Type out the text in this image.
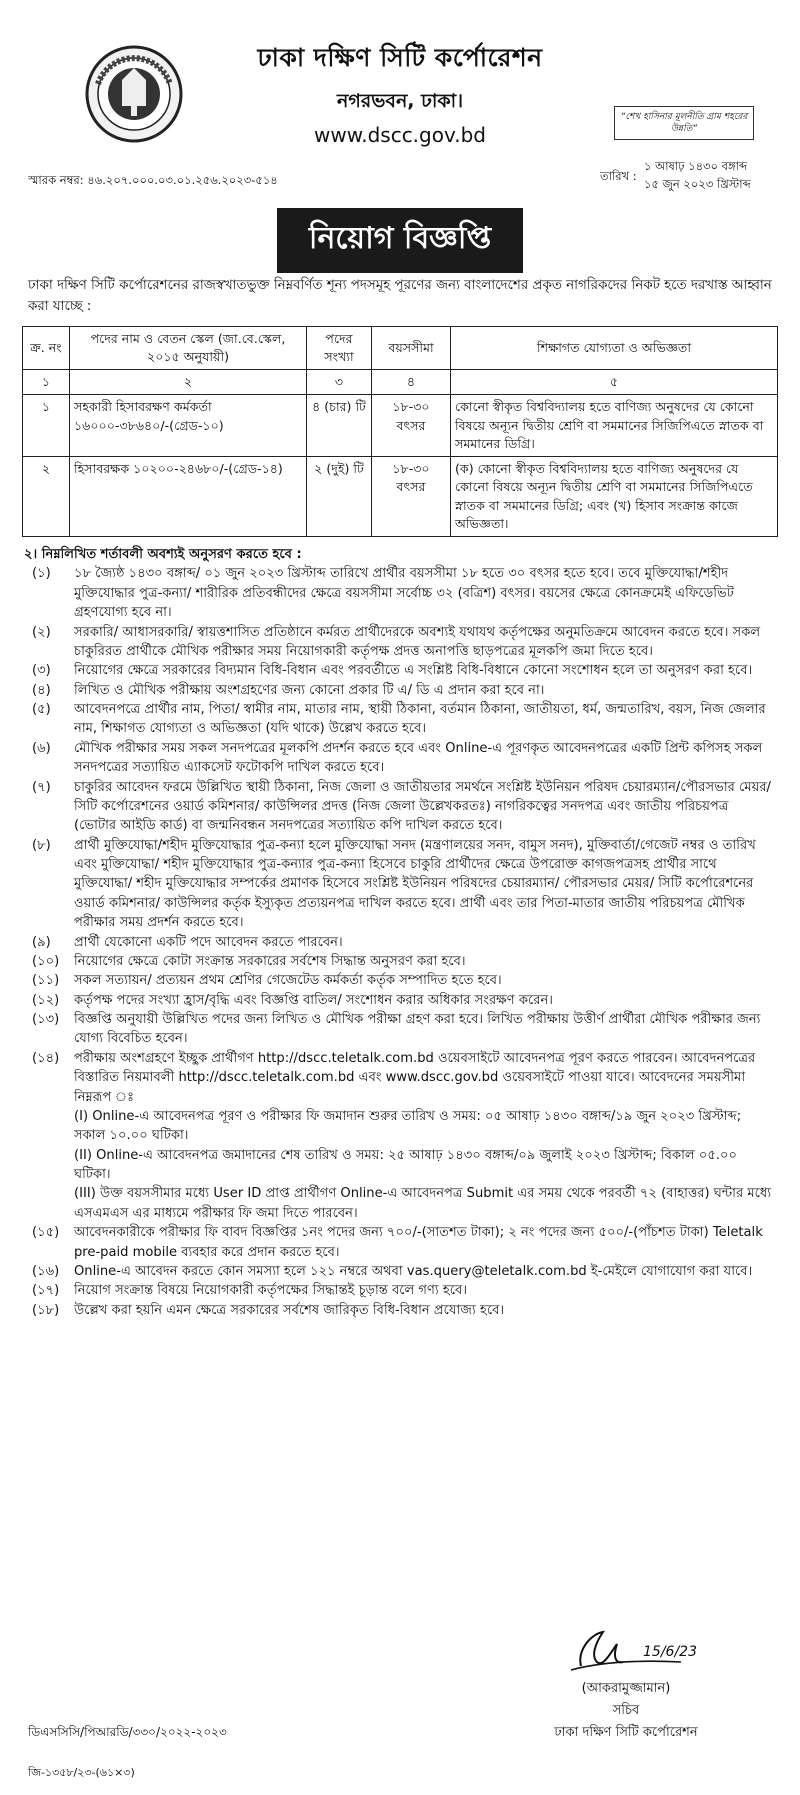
ঢাকা দক্ষিণ সিটি কর্পোরেশন
নগরভবন, ঢাকা।
www.dscc.gov.bd
“শেখ হাসিনার মূলনীতি গ্রাম শহরের উন্নতি”
স্মারক নম্বর: ৪৬.২০৭.০০০.০৩.০১.২৫৬.২০২৩-৫১৪	তারিখ :
১ আষাঢ় ১৪৩০ বঙ্গাব্দ
১৫ জুন ২০২৩ খ্রিস্টাব্দ
নিয়োগ বিজ্ঞপ্তি
ঢাকা দক্ষিণ সিটি কর্পোরেশনের রাজস্বখাতভুক্ত নিম্নবর্ণিত শূন্য পদসমূহ পূরণের জন্য বাংলাদেশের প্রকৃত নাগরিকদের নিকট হতে দরখাস্ত আহ্বান করা যাচ্ছে :
ক্র. নং	পদের নাম ও বেতন স্কেল (জা.বে.স্কেল, ২০১৫ অনুযায়ী)	পদের সংখ্যা	বয়সসীমা	শিক্ষাগত যোগ্যতা ও অভিজ্ঞতা
১	২	৩	৪	৫
১	সহকারী হিসাবরক্ষণ কর্মকর্তা ১৬০০০-৩৮৬৪০/-(গ্রেড-১০)	৪ (চার) টি	১৮-৩০ বৎসর	কোনো স্বীকৃত বিশ্ববিদ্যালয় হতে বাণিজ্য অনুষদের যে কোনো বিষয়ে অন্যূন দ্বিতীয় শ্রেণি বা সমমানের সিজিপিএতে স্নাতক বা সমমানের ডিগ্রি।
২	হিসাবরক্ষক ১০২০০-২৪৬৮০/-(গ্রেড-১৪)	২ (দুই) টি	১৮-৩০ বৎসর	(ক) কোনো স্বীকৃত বিশ্ববিদ্যালয় হতে বাণিজ্য অনুষদের যে কোনো বিষয়ে অন্যূন দ্বিতীয় শ্রেণি বা সমমানের সিজিপিএতে স্নাতক বা সমমানের ডিগ্রি; এবং (খ) হিসাব সংক্রান্ত কাজে অভিজ্ঞতা।
২। নিম্নলিখিত শর্তাবলী অবশ্যই অনুসরণ করতে হবে :
(১)	১৮ জ্যৈষ্ঠ ১৪৩০ বঙ্গাব্দ/ ০১ জুন ২০২৩ খ্রিস্টাব্দ তারিখে প্রার্থীর বয়সসীমা ১৮ হতে ৩০ বৎসর হতে হবে। তবে মুক্তিযোদ্ধা/শহীদ মুক্তিযোদ্ধার পুত্র-কন্যা/ শারীরিক প্রতিবন্ধীদের ক্ষেত্রে বয়সসীমা সর্বোচ্চ ৩২ (বত্রিশ) বৎসর। বয়সের ক্ষেত্রে কোনক্রমেই এফিডেভিট গ্রহণযোগ্য হবে না।
(২)	সরকারি/ আধাসরকারি/ স্বায়ত্তশাসিত প্রতিষ্ঠানে কর্মরত প্রার্থীদেরকে অবশ্যই যথাযথ কর্তৃপক্ষের অনুমতিক্রমে আবেদন করতে হবে। সকল চাকুরিরত প্রার্থীকে মৌখিক পরীক্ষার সময় নিয়োগকারী কর্তৃপক্ষ প্রদত্ত অনাপত্তি ছাড়পত্রের মূলকপি জমা দিতে হবে।
(৩)	নিয়োগের ক্ষেত্রে সরকারের বিদ্যমান বিধি-বিধান এবং পরবর্তীতে এ সংশ্লিষ্ট বিধি-বিধানে কোনো সংশোধন হলে তা অনুসরণ করা হবে।
(৪)	লিখিত ও মৌখিক পরীক্ষায় অংশগ্রহণের জন্য কোনো প্রকার টি এ/ ডি এ প্রদান করা হবে না।
(৫)	আবেদনপত্রে প্রার্থীর নাম, পিতা/ স্বামীর নাম, মাতার নাম, স্থায়ী ঠিকানা, বর্তমান ঠিকানা, জাতীয়তা, ধর্ম, জন্মতারিখ, বয়স, নিজ জেলার নাম, শিক্ষাগত যোগ্যতা ও অভিজ্ঞতা (যদি থাকে) উল্লেখ করতে হবে।
(৬)	মৌখিক পরীক্ষার সময় সকল সনদপত্রের মূলকপি প্রদর্শন করতে হবে এবং Online-এ পূরণকৃত আবেদনপত্রের একটি প্রিন্ট কপিসহ সকল সনদপত্রের সত্যায়িত এ্যাকসেট ফটোকপি দাখিল করতে হবে।
(৭)	চাকুরির আবেদন ফরমে উল্লিখিত স্থায়ী ঠিকানা, নিজ জেলা ও জাতীয়তার সমর্থনে সংশ্লিষ্ট ইউনিয়ন পরিষদ চেয়ারম্যান/পৌরসভার মেয়র/সিটি কর্পোরেশনের ওয়ার্ড কমিশনার/ কাউন্সিলর প্রদত্ত (নিজ জেলা উল্লেখকরতঃ) নাগরিকত্বের সনদপত্র এবং জাতীয় পরিচয়পত্র (ভোটার আইডি কার্ড) বা জন্মনিবন্ধন সনদপত্রের সত্যায়িত কপি দাখিল করতে হবে।
(৮)	প্রার্থী মুক্তিযোদ্ধা/শহীদ মুক্তিযোদ্ধার পুত্র-কন্যা হলে মুক্তিযোদ্ধা সনদ (মন্ত্রণালয়ের সনদ, বামুস সনদ), মুক্তিবার্তা/গেজেট নম্বর ও তারিখ এবং মুক্তিযোদ্ধা/ শহীদ মুক্তিযোদ্ধার পুত্র-কন্যার পুত্র-কন্যা হিসেবে চাকুরি প্রার্থীদের ক্ষেত্রে উপরোক্ত কাগজপত্রসহ প্রার্থীর সাথে মুক্তিযোদ্ধা/ শহীদ মুক্তিযোদ্ধার সম্পর্কের প্রমাণক হিসেবে সংশ্লিষ্ট ইউনিয়ন পরিষদের চেয়ারম্যান/ পৌরসভার মেয়র/ সিটি কর্পোরেশনের ওয়ার্ড কমিশনার/ কাউন্সিলর কর্তৃক ইস্যুকৃত প্রত্যয়নপত্র দাখিল করতে হবে। প্রার্থী এবং তার পিতা-মাতার জাতীয় পরিচয়পত্র মৌখিক পরীক্ষার সময় প্রদর্শন করতে হবে।
(৯)	প্রার্থী যেকোনো একটি পদে আবেদন করতে পারবেন।
(১০)	নিয়োগের ক্ষেত্রে কোটা সংক্রান্ত সরকারের সর্বশেষ সিদ্ধান্ত অনুসরণ করা হবে।
(১১)	সকল সত্যায়ন/ প্রত্যয়ন প্রথম শ্রেণির গেজেটেড কর্মকর্তা কর্তৃক সম্পাদিত হতে হবে।
(১২)	কর্তৃপক্ষ পদের সংখ্যা হ্রাস/বৃদ্ধি এবং বিজ্ঞপ্তি বাতিল/ সংশোধন করার অধিকার সংরক্ষণ করেন।
(১৩)	বিজ্ঞপ্তি অনুযায়ী উল্লিখিত পদের জন্য লিখিত ও মৌখিক পরীক্ষা গ্রহণ করা হবে। লিখিত পরীক্ষায় উত্তীর্ণ প্রার্থীরা মৌখিক পরীক্ষার জন্য যোগ্য বিবেচিত হবেন।
(১৪)	পরীক্ষায় অংশগ্রহণে ইচ্ছুক প্রার্থীগণ http://dscc.teletalk.com.bd ওয়েবসাইটে আবেদনপত্র পূরণ করতে পারবেন। আবেদনপত্রের বিস্তারিত নিয়মাবলী http://dscc.teletalk.com.bd এবং www.dscc.gov.bd ওয়েবসাইটে পাওয়া যাবে। আবেদনের সময়সীমা নিম্নরূপ ঃ
(I) Online-এ আবেদনপত্র পূরণ ও পরীক্ষার ফি জমাদান শুরুর তারিখ ও সময়: ০৫ আষাঢ় ১৪৩০ বঙ্গাব্দ/১৯ জুন ২০২৩ খ্রিস্টাব্দ; সকাল ১০.০০ ঘটিকা।
(II) Online-এ আবেদনপত্র জমাদানের শেষ তারিখ ও সময়: ২৫ আষাঢ় ১৪৩০ বঙ্গাব্দ/০৯ জুলাই ২০২৩ খ্রিস্টাব্দ; বিকাল ০৫.০০ ঘটিকা।
(III) উক্ত বয়সসীমার মধ্যে User ID প্রাপ্ত প্রার্থীগণ Online-এ আবেদনপত্র Submit এর সময় থেকে পরবর্তী ৭২ (বাহাত্তর) ঘন্টার মধ্যে এসএমএস এর মাধ্যমে পরীক্ষার ফি জমা দিতে পারবেন।
(১৫)	আবেদনকারীকে পরীক্ষার ফি বাবদ বিজ্ঞপ্তির ১নং পদের জন্য ৭০০/-(সাতশত টাকা); ২ নং পদের জন্য ৫০০/-(পাঁচশত টাকা) Teletalk pre-paid mobile ব্যবহার করে প্রদান করতে হবে।
(১৬)	Online-এ আবেদন করতে কোন সমস্যা হলে ১২১ নম্বরে অথবা vas.query@teletalk.com.bd ই-মেইলে যোগাযোগ করা যাবে।
(১৭)	নিয়োগ সংক্রান্ত বিষয়ে নিয়োগকারী কর্তৃপক্ষের সিদ্ধান্তই চূড়ান্ত বলে গণ্য হবে।
(১৮)	উল্লেখ করা হয়নি এমন ক্ষেত্রে সরকারের সর্বশেষ জারিকৃত বিধি-বিধান প্রযোজ্য হবে।
15/6/23
(আকরামুজ্জামান)
সচিব
ঢাকা দক্ষিণ সিটি কর্পোরেশন
ডিএসসিসি/পিআরডি/৩৩০/২০২২-২০২৩
জি-১৩৫৮/২৩-(৬১×৩)
